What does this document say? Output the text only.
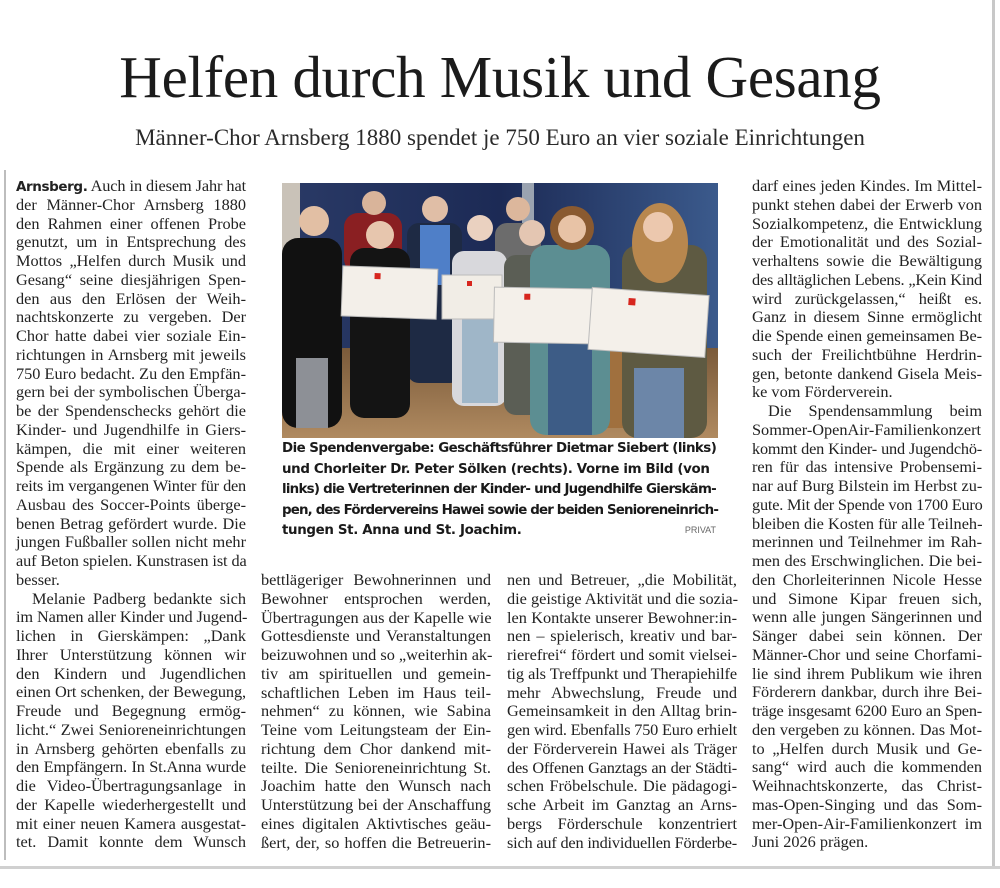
Helfen durch Musik und Gesang
Männer-Chor Arnsberg 1880 spendet je 750 Euro an vier soziale Einrichtungen
Arnsberg. Auch in diesem Jahr hat
der Männer-Chor Arnsberg 1880
den Rahmen einer offenen Probe
genutzt, um in Entsprechung des
Mottos „Helfen durch Musik und
Gesang“ seine diesjährigen Spen-
den aus den Erlösen der Weih-
nachtskonzerte zu vergeben. Der
Chor hatte dabei vier soziale Ein-
richtungen in Arnsberg mit jeweils
750 Euro bedacht. Zu den Empfän-
gern bei der symbolischen Überga-
be der Spendenschecks gehört die
Kinder- und Jugendhilfe in Giers-
kämpen, die mit einer weiteren
Spende als Ergänzung zu dem be-
reits im vergangenen Winter für den
Ausbau des Soccer-Points überge-
benen Betrag gefördert wurde. Die
jungen Fußballer sollen nicht mehr
auf Beton spielen. Kunstrasen ist da
besser.
Melanie Padberg bedankte sich
im Namen aller Kinder und Jugend-
lichen in Gierskämpen: „Dank
Ihrer Unterstützung können wir
den Kindern und Jugendlichen
einen Ort schenken, der Bewegung,
Freude und Begegnung ermög-
licht.“ Zwei Senioreneinrichtungen
in Arnsberg gehörten ebenfalls zu
den Empfängern. In St.Anna wurde
die Video-Übertragungsanlage in
der Kapelle wiederhergestellt und
mit einer neuen Kamera ausgestat-
tet. Damit konnte dem Wunsch
bettlägeriger Bewohnerinnen und
Bewohner entsprochen werden,
Übertragungen aus der Kapelle wie
Gottesdienste und Veranstaltungen
beizuwohnen und so „weiterhin ak-
tiv am spirituellen und gemein-
schaftlichen Leben im Haus teil-
nehmen“ zu können, wie Sabina
Teine vom Leitungsteam der Ein-
richtung dem Chor dankend mit-
teilte. Die Senioreneinrichtung St.
Joachim hatte den Wunsch nach
Unterstützung bei der Anschaffung
eines digitalen Aktivtisches geäu-
ßert, der, so hoffen die Betreuerin-
nen und Betreuer, „die Mobilität,
die geistige Aktivität und die sozia-
len Kontakte unserer Bewohner:in-
nen – spielerisch, kreativ und bar-
rierefrei“ fördert und somit vielsei-
tig als Treffpunkt und Therapiehilfe
mehr Abwechslung, Freude und
Gemeinsamkeit in den Alltag brin-
gen wird. Ebenfalls 750 Euro erhielt
der Förderverein Hawei als Träger
des Offenen Ganztags an der Städti-
schen Fröbelschule. Die pädagogi-
sche Arbeit im Ganztag an Arns-
bergs Förderschule konzentriert
sich auf den individuellen Förderbe-
darf eines jeden Kindes. Im Mittel-
punkt stehen dabei der Erwerb von
Sozialkompetenz, die Entwicklung
der Emotionalität und des Sozial-
verhaltens sowie die Bewältigung
des alltäglichen Lebens. „Kein Kind
wird zurückgelassen,“ heißt es.
Ganz in diesem Sinne ermöglicht
die Spende einen gemeinsamen Be-
such der Freilichtbühne Herdrin-
gen, betonte dankend Gisela Meis-
ke vom Förderverein.
Die Spendensammlung beim
Sommer-OpenAir-Familienkonzert
kommt den Kinder- und Jugendchö-
ren für das intensive Probensemi-
nar auf Burg Bilstein im Herbst zu-
gute. Mit der Spende von 1700 Euro
bleiben die Kosten für alle Teilneh-
merinnen und Teilnehmer im Rah-
men des Erschwinglichen. Die bei-
den Chorleiterinnen Nicole Hesse
und Simone Kipar freuen sich,
wenn alle jungen Sängerinnen und
Sänger dabei sein können. Der
Männer-Chor und seine Chorfami-
lie sind ihrem Publikum wie ihren
Förderern dankbar, durch ihre Bei-
träge insgesamt 6200 Euro an Spen-
den vergeben zu können. Das Mot-
to „Helfen durch Musik und Ge-
sang“ wird auch die kommenden
Weihnachtskonzerte, das Christ-
mas-Open-Singing und das Som-
mer-Open-Air-Familienkonzert im
Juni 2026 prägen.
Die Spendenvergabe: Geschäftsführer Dietmar Siebert (links)
und Chorleiter Dr. Peter Sölken (rechts). Vorne im Bild (von
links) die Vertreterinnen der Kinder- und Jugendhilfe Gierskäm-
pen, des Fördervereins Hawei sowie der beiden Senioreneinrich-
tungen St. Anna und St. Joachim.	PRIVAT
